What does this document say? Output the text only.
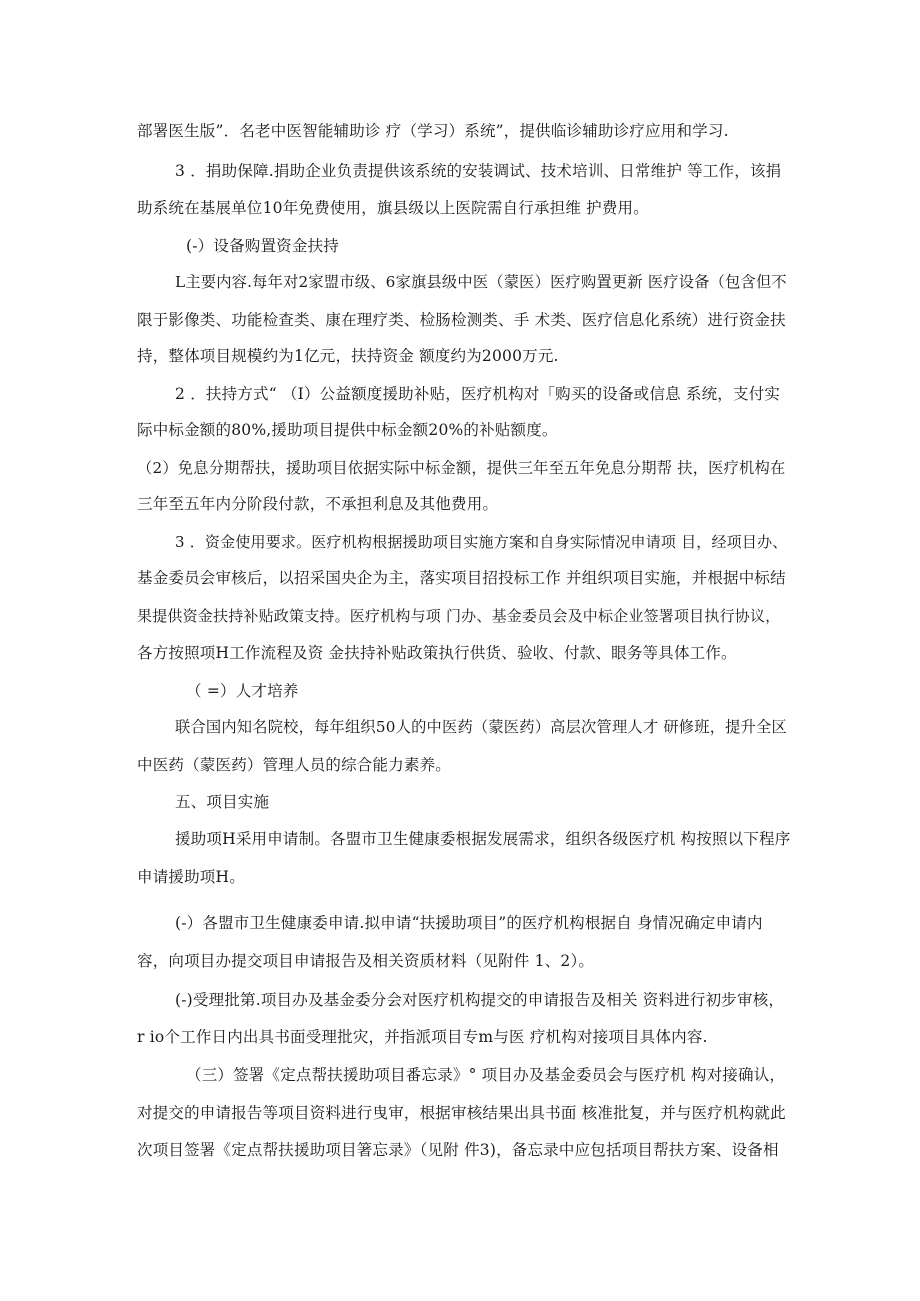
部署医生版”．名老中医智能辅助诊 疗（学习）系统”，提供临诊辅助诊疗应用和学习.
3 ．捐助保障.捐助企业负责提供该系统的安装调试、技术培训、日常维护 等工作，该捐
助系统在基展单位10年免费使用，旗县级以上医院需自行承担维 护费用。
(-）设备购置资金扶持
L主要内容.每年对2家盟市级、6家旗县级中医（蒙医）医疗购置更新 医疗设备（包含但不
限于影像类、功能检查类、康在理疗类、检肠检测类、手 术类、医疗信息化系统）进行资金扶
持，整体项目规模约为1亿元，扶持资金 额度约为2000万元.
2 ．扶持方式“ （I）公益额度援助补贴，医疗机构对「购买的设备或信息 系统，支付实
际中标金额的80%,援助项目提供中标金额20%的补贴额度。
（2）免息分期帮扶，援助项目依据实际中标金额，提供三年至五年免息分期帮 扶，医疗机构在
三年至五年内分阶段付款，不承担利息及其他费用。
3 ．资金使用要求。医疗机构根据援助项目实施方案和自身实际情况申请项 目，经项目办、
基金委员会审核后，以招采国央企为主，落实项目招投标工作 并组织项目实施，并根据中标结
果提供资金扶持补贴政策支持。医疗机构与项 门办、基金委员会及中标企业签署项目执行协议，
各方按照项H工作流程及资 金扶持补贴政策执行供货、验收、付款、眼务等具体工作。
（ =）人才培养
联合国内知名院校，每年组织50人的中医药（蒙医药）高层次管理人才 研修班，提升全区
中医药（蒙医药）管理人员的综合能力素养。
五、项目实施
援助项H采用申请制。各盟市卫生健康委根据发展需求，组织各级医疗机 构按照以下程序
申请援助项H。
(-）各盟市卫生健康委申请.拟申请“扶援助项目”的医疗机构根据自 身情况确定申请内
容，向项目办提交项目申请报告及相关资质材料（见附件 1、2）。
(-)受理批第.项目办及基金委分会对医疗机构提交的申请报告及相关 资料进行初步审核，
r io个工作日内出具书面受理批灾，并指派项目专m与医 疗机构对接项目具体内容.
（三）签署《定点帮扶援助项目番忘录》° 项目办及基金委员会与医疗机 构对接确认，
对提交的申请报告等项目资料进行曳审，根据审核结果出具书面 核准批复，并与医疗机构就此
次项目签署《定点帮扶援助项目箸忘录》（见附 件3)，备忘录中应包括项目帮扶方案、设备相
